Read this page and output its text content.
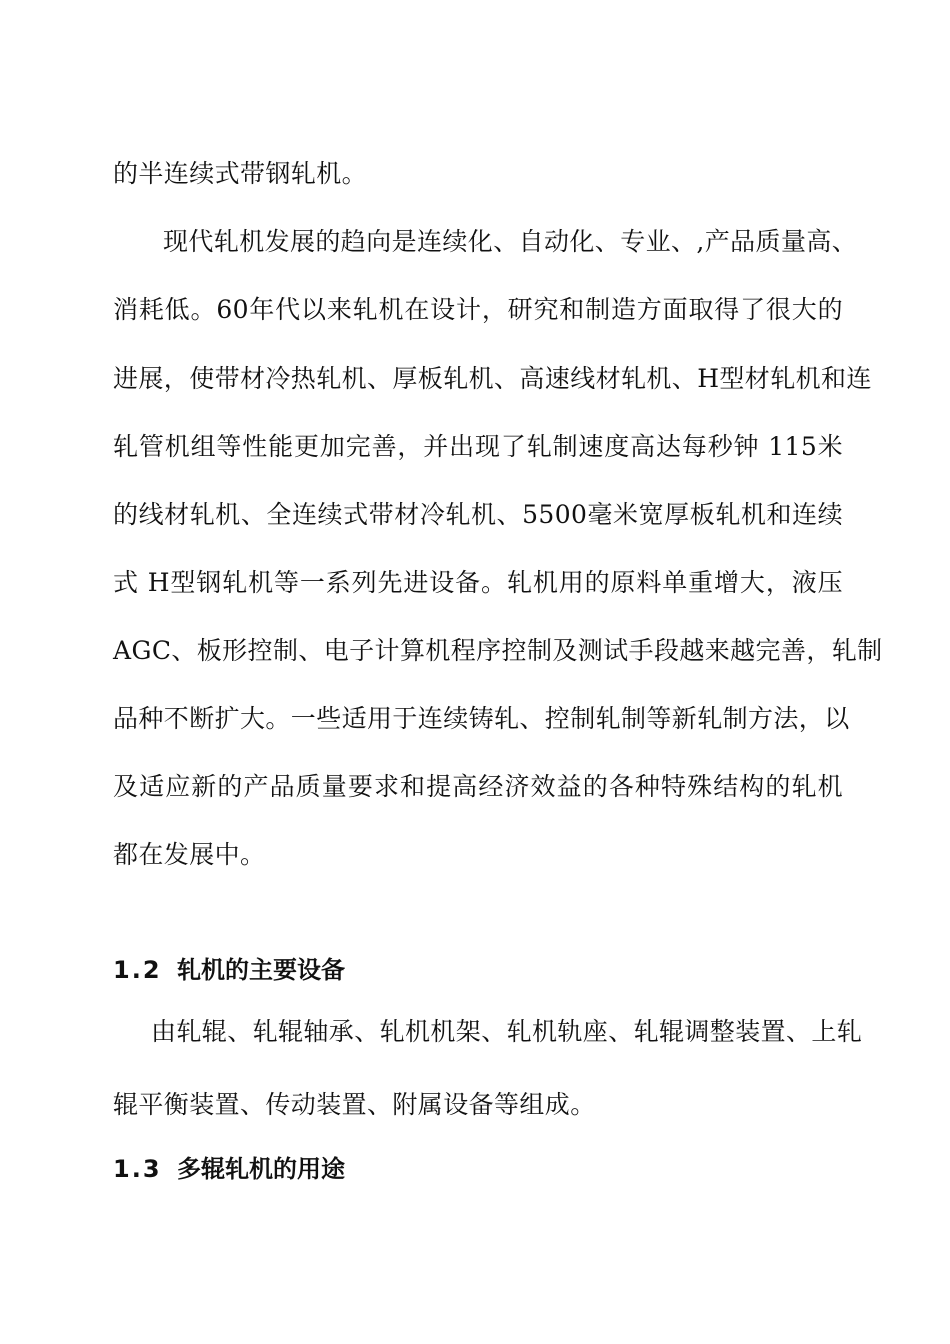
的半连续式带钢轧机。
现代轧机发展的趋向是连续化、自动化、专业、,产品质量高、
消耗低。60年代以来轧机在设计，研究和制造方面取得了很大的
进展，使带材冷热轧机、厚板轧机、高速线材轧机、H型材轧机和连
轧管机组等性能更加完善，并出现了轧制速度高达每秒钟 115米
的线材轧机、全连续式带材冷轧机、5500毫米宽厚板轧机和连续
式 H型钢轧机等一系列先进设备。轧机用的原料单重增大，液压
AGC、板形控制、电子计算机程序控制及测试手段越来越完善，轧制
品种不断扩大。一些适用于连续铸轧、控制轧制等新轧制方法，以
及适应新的产品质量要求和提高经济效益的各种特殊结构的轧机
都在发展中。
1.2 轧机的主要设备
由轧辊、轧辊轴承、轧机机架、轧机轨座、轧辊调整装置、上轧
辊平衡装置、传动装置、附属设备等组成。
1.3 多辊轧机的用途
